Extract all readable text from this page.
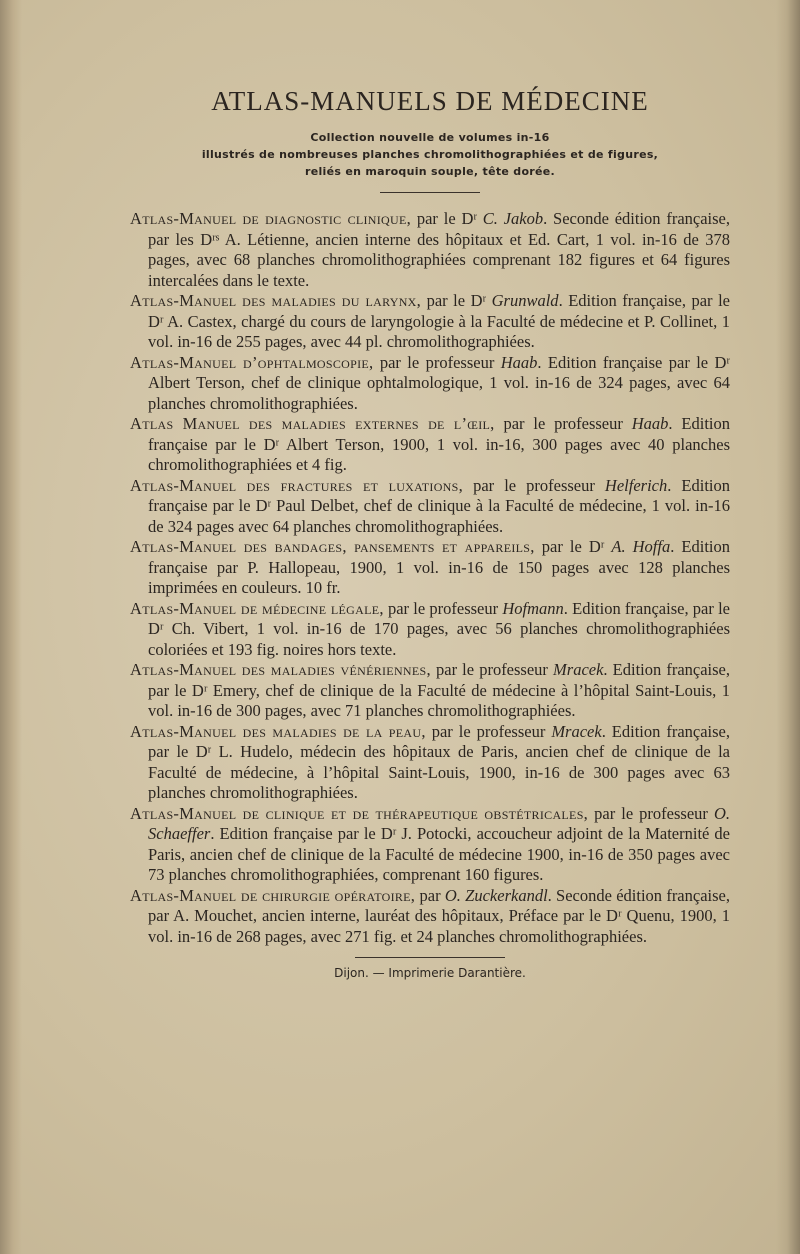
ATLAS-MANUELS DE MÉDECINE
Collection nouvelle de volumes in-16
illustrés de nombreuses planches chromolithographiées et de figures,
reliés en maroquin souple, tête dorée.

Atlas-Manuel de diagnostic clinique, par le Dʳ C. Jakob. Seconde édition française, par les Dʳˢ A. Létienne, ancien interne des hôpitaux et Ed. Cart, 1 vol. in-16 de 378 pages, avec 68 planches chromolithographiées comprenant 182 figures et 64 figures intercalées dans le texte.

Atlas-Manuel des maladies du larynx, par le Dʳ Grunwald. Edition française, par le Dʳ A. Castex, chargé du cours de laryngologie à la Faculté de médecine et P. Collinet, 1 vol. in-16 de 255 pages, avec 44 pl. chromolithographiées.

Atlas-Manuel d’ophtalmoscopie, par le professeur Haab. Edition française par le Dʳ Albert Terson, chef de clinique ophtalmologique, 1 vol. in-16 de 324 pages, avec 64 planches chromolithographiées.

Atlas Manuel des maladies externes de l’œil, par le professeur Haab. Edition française par le Dʳ Albert Terson, 1900, 1 vol. in-16, 300 pages avec 40 planches chromolithographiées et 4 fig.

Atlas-Manuel des fractures et luxations, par le professeur Helferich. Edition française par le Dʳ Paul Delbet, chef de clinique à la Faculté de médecine, 1 vol. in-16 de 324 pages avec 64 planches chromolithographiées.

Atlas-Manuel des bandages, pansements et appareils, par le Dʳ A. Hoffa. Edition française par P. Hallopeau, 1900, 1 vol. in-16 de 150 pages avec 128 planches imprimées en couleurs. 10 fr.

Atlas-Manuel de médecine légale, par le professeur Hofmann. Edition française, par le Dʳ Ch. Vibert, 1 vol. in-16 de 170 pages, avec 56 planches chromolithographiées coloriées et 193 fig. noires hors texte.

Atlas-Manuel des maladies vénériennes, par le professeur Mracek. Edition française, par le Dʳ Emery, chef de clinique de la Faculté de médecine à l’hôpital Saint-Louis, 1 vol. in-16 de 300 pages, avec 71 planches chromolithographiées.

Atlas-Manuel des maladies de la peau, par le professeur Mracek. Edition française, par le Dʳ L. Hudelo, médecin des hôpitaux de Paris, ancien chef de clinique de la Faculté de médecine, à l’hôpital Saint-Louis, 1900, in-16 de 300 pages avec 63 planches chromolithographiées.

Atlas-Manuel de clinique et de thérapeutique obstétricales, par le professeur O. Schaeffer. Edition française par le Dʳ J. Potocki, accoucheur adjoint de la Maternité de Paris, ancien chef de clinique de la Faculté de médecine 1900, in-16 de 350 pages avec 73 planches chromolithographiées, comprenant 160 figures.

Atlas-Manuel de chirurgie opératoire, par O. Zuckerkandl. Seconde édition française, par A. Mouchet, ancien interne, lauréat des hôpitaux, Préface par le Dʳ Quenu, 1900, 1 vol. in-16 de 268 pages, avec 271 fig. et 24 planches chromolithographiées.

Dijon. — Imprimerie Darantière.
